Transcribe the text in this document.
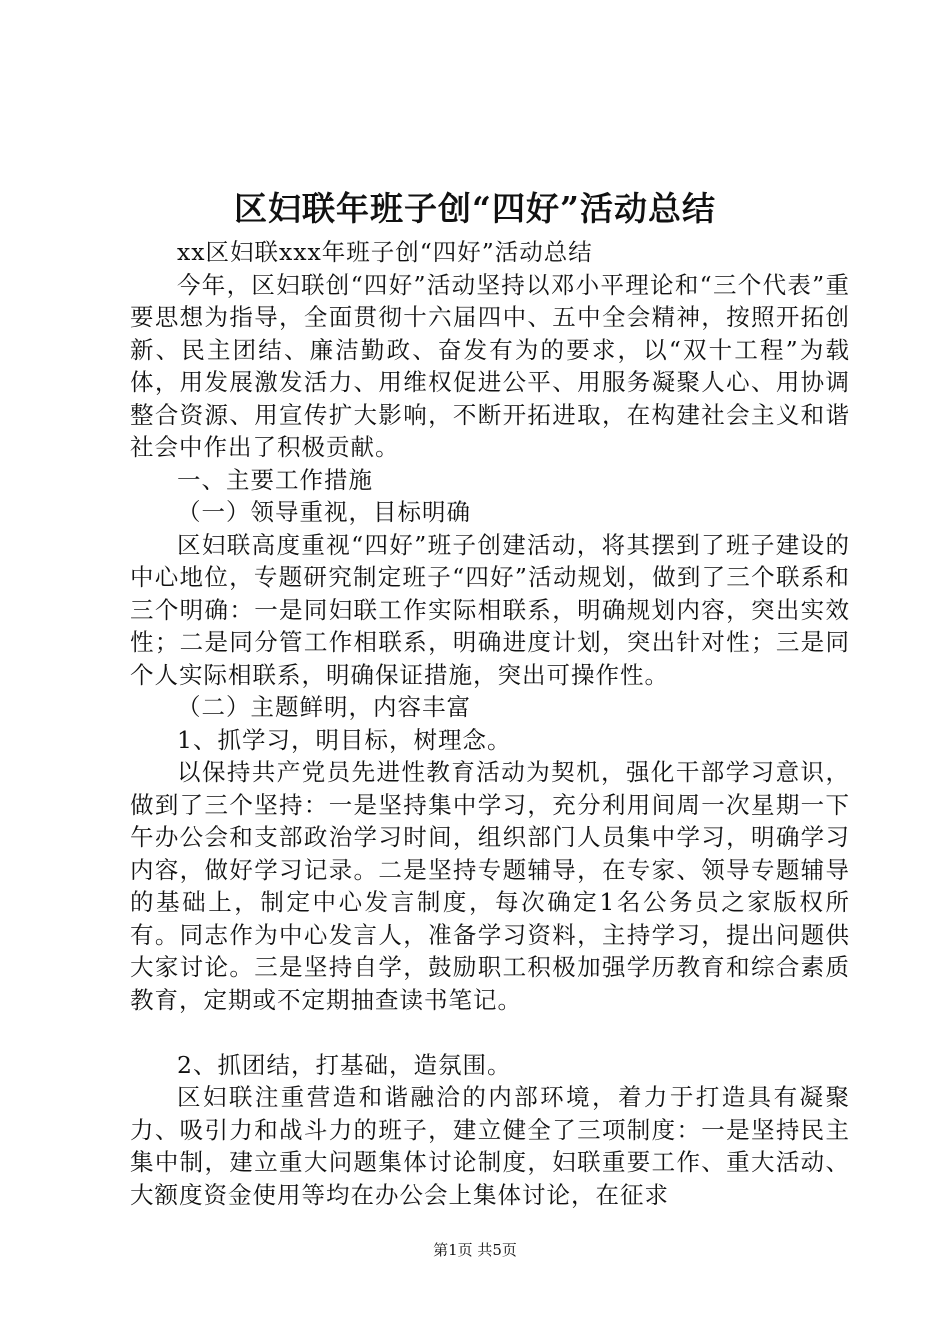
区妇联年班子创“四好”活动总结

xx区妇联xxx年班子创“四好”活动总结

今年，区妇联创“四好”活动坚持以邓小平理论和“三个代表”重要思想为指导，全面贯彻十六届四中、五中全会精神，按照开拓创新、民主团结、廉洁勤政、奋发有为的要求，以“双十工程”为载体，用发展激发活力、用维权促进公平、用服务凝聚人心、用协调整合资源、用宣传扩大影响，不断开拓进取，在构建社会主义和谐社会中作出了积极贡献。

一、主要工作措施

（一）领导重视，目标明确

区妇联高度重视“四好”班子创建活动，将其摆到了班子建设的中心地位，专题研究制定班子“四好”活动规划，做到了三个联系和三个明确：一是同妇联工作实际相联系，明确规划内容，突出实效性；二是同分管工作相联系，明确进度计划，突出针对性；三是同个人实际相联系，明确保证措施，突出可操作性。

（二）主题鲜明，内容丰富

1、抓学习，明目标，树理念。

以保持共产党员先进性教育活动为契机，强化干部学习意识，做到了三个坚持：一是坚持集中学习，充分利用间周一次星期一下午办公会和支部政治学习时间，组织部门人员集中学习，明确学习内容，做好学习记录。二是坚持专题辅导，在专家、领导专题辅导的基础上，制定中心发言制度，每次确定1名公务员之家版权所有。同志作为中心发言人，准备学习资料，主持学习，提出问题供大家讨论。三是坚持自学，鼓励职工积极加强学历教育和综合素质教育，定期或不定期抽查读书笔记。

2、抓团结，打基础，造氛围。

区妇联注重营造和谐融洽的内部环境，着力于打造具有凝聚力、吸引力和战斗力的班子，建立健全了三项制度：一是坚持民主集中制，建立重大问题集体讨论制度，妇联重要工作、重大活动、大额度资金使用等均在办公会上集体讨论，在征求

第1页 共5页
